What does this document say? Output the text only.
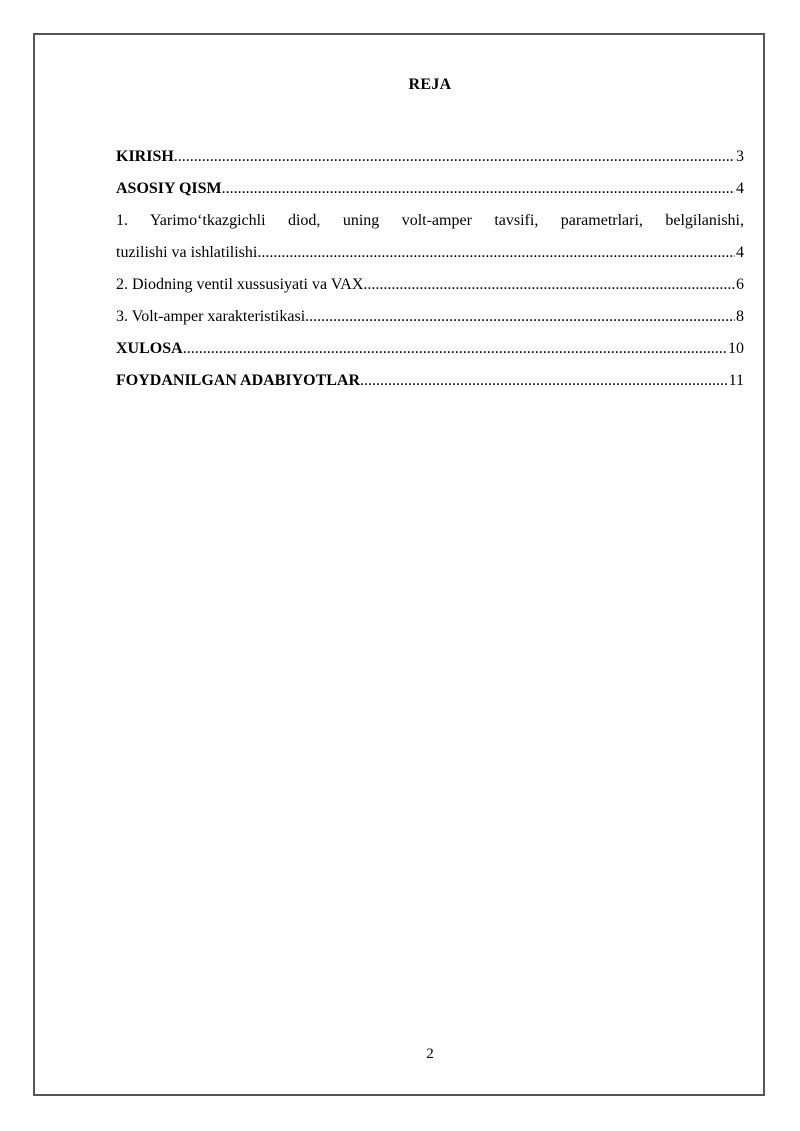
REJA
KIRISH .....	3
ASOSIY QISM .....	4
1. Yarimo‘tkazgichli diod, uning volt-amper tavsifi, parametrlari, belgilanishi,
tuzilishi va ishlatilishi .....	4
2. Diodning ventil xussusiyati va VAX .....	6
3. Volt-amper xarakteristikasi .....	8
XULOSA .....	10
FOYDANILGAN ADABIYOTLAR .....	11
2
